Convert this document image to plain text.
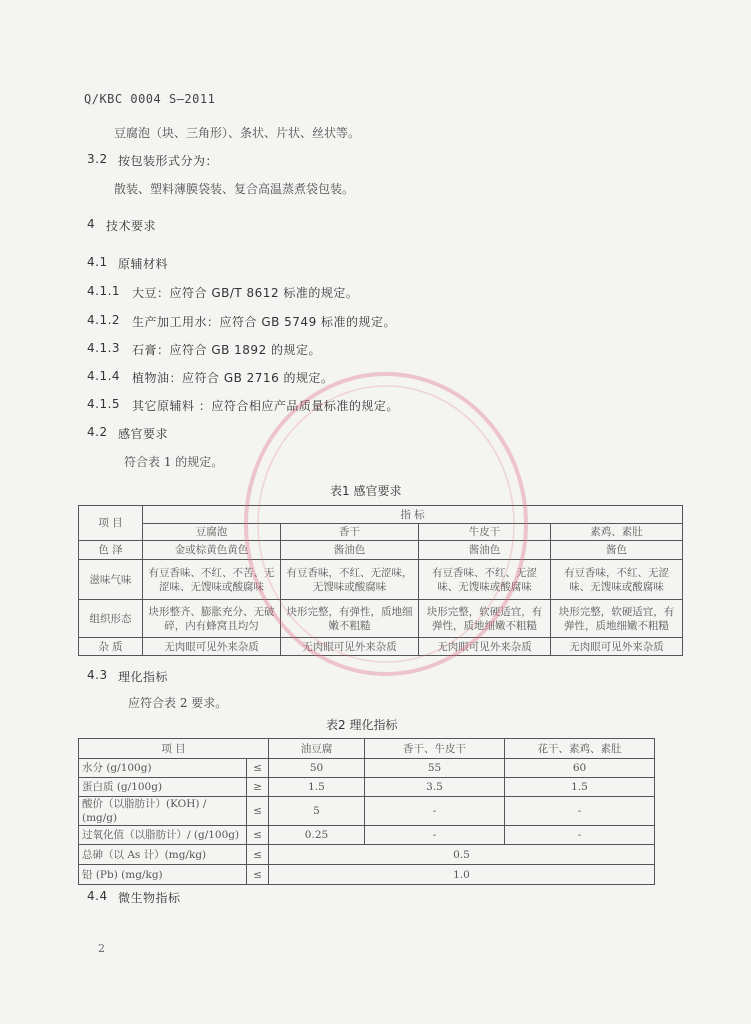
Q/KBC 0004 S—2011
豆腐泡（块、三角形）、条状、片状、丝状等。
3.2 按包装形式分为：
散装、塑料薄膜袋装、复合高温蒸煮袋包装。
4 技术要求
4.1 原辅材料
4.1.1 大豆：应符合 GB/T 8612 标准的规定。
4.1.2 生产加工用水：应符合 GB 5749 标准的规定。
4.1.3 石膏：应符合 GB 1892 的规定。
4.1.4 植物油：应符合 GB 2716 的规定。
4.1.5 其它原辅料 ：应符合相应产品质量标准的规定。
4.2 感官要求
符合表 1 的规定。
表1 感官要求
项 目	指 标			
	豆腐泡	香干	牛皮干	素鸡、素肚
色 泽	金或棕黄色黄色	酱油色	酱油色	酱色
滋味气味	有豆香味、不红、不苦、无涩味、无馊味或酸腐味	有豆香味，不红、无涩味，无馊味或酸腐味	有豆香味、不红、无涩味、无馊味或酸腐味	有豆香味，不红、无涩味、无馊味或酸腐味
组织形态	块形整齐、膨胀充分、无破碎，内有蜂窝且均匀	块形完整，有弹性，质地细嫩不粗糙	块形完整，软硬适宜，有弹性，质地细嫩不粗糙	块形完整，软硬适宜，有弹性，质地细嫩不粗糙
杂 质	无肉眼可见外来杂质	无肉眼可见外来杂质	无肉眼可见外来杂质	无肉眼可见外来杂质
4.3 理化指标
应符合表 2 要求。
表2 理化指标
项 目		油豆腐	香干、牛皮干	花干、素鸡、素肚
水分 (g/100g)	≤	50	55	60
蛋白质 (g/100g)	≥	1.5	3.5	1.5
酸价（以脂肪计）(KOH) / (mg/g)	≤	5	-	-
过氧化值（以脂肪计）/ (g/100g)	≤	0.25	-	-
总砷（以 As 计）(mg/kg)	≤	0.5		
铅 (Pb) (mg/kg)	≤	1.0		
4.4 微生物指标
2
